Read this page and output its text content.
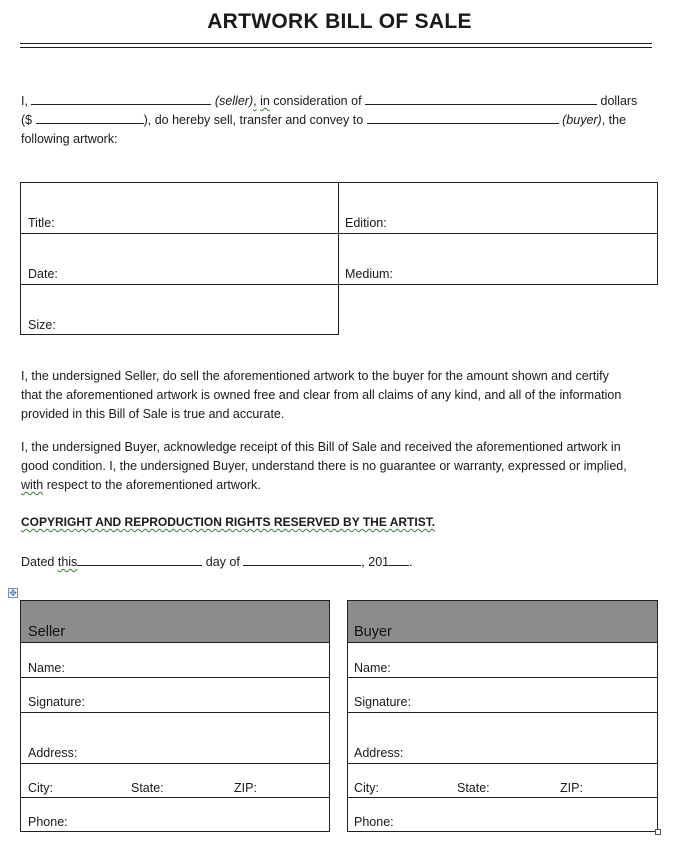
ARTWORK BILL OF SALE
I,	(seller), in consideration of	dollars
($	), do hereby sell, transfer and convey to	(buyer), the
following artwork:
Title:	Edition:
Date:	Medium:
Size:
I, the undersigned Seller, do sell the aforementioned artwork to the buyer for the amount shown and certify
that the aforementioned artwork is owned free and clear from all claims of any kind, and all of the information
provided in this Bill of Sale is true and accurate.
I, the undersigned Buyer, acknowledge receipt of this Bill of Sale and received the aforementioned artwork in
good condition. I, the undersigned Buyer, understand there is no guarantee or warranty, expressed or implied,
with respect to the aforementioned artwork.
COPYRIGHT AND REPRODUCTION RIGHTS RESERVED BY THE ARTIST.
Dated this	day of	, 201 .
✥
Seller
Name:
Signature:
Address:
City:	State:	ZIP:
Phone:
Buyer
Name:
Signature:
Address:
City:	State:	ZIP:
Phone:
